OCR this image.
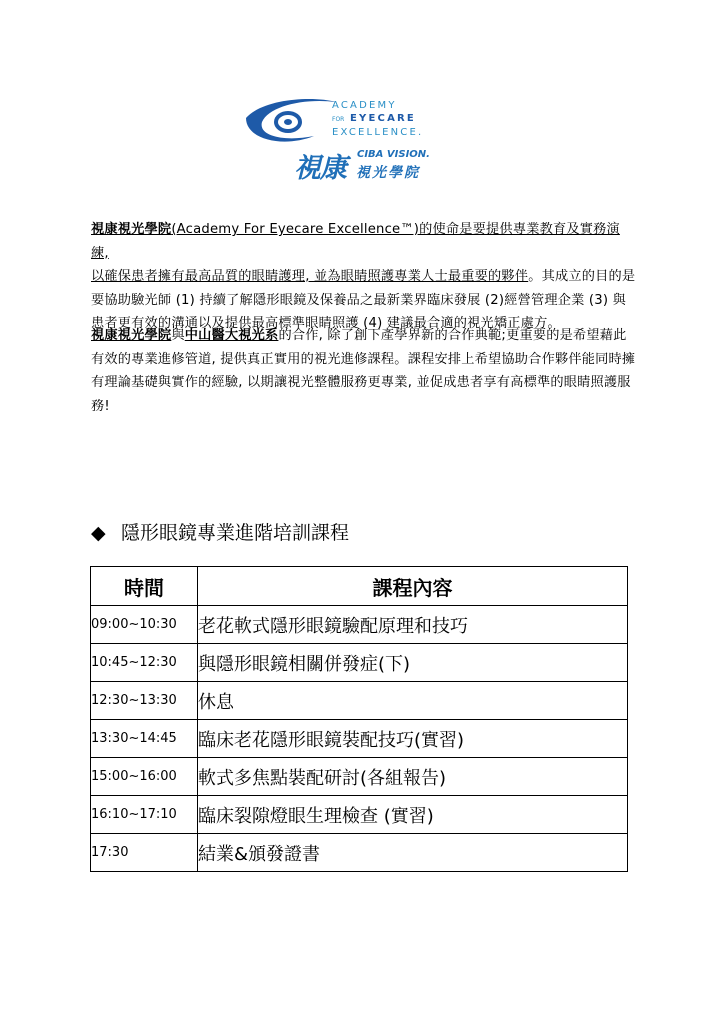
ACADEMY
FOR EYECARE
EXCELLENCE.
視康 CIBA VISION.
視光學院
視康視光學院(Academy For Eyecare Excellence™)的使命是要提供專業教育及實務演練,
以確保患者擁有最高品質的眼睛護理, 並為眼睛照護專業人士最重要的夥伴。其成立的目的是要協助驗光師 (1) 持續了解隱形眼鏡及保養品之最新業界臨床發展 (2)經營管理企業 (3) 與患者更有效的溝通以及提供最高標準眼睛照護 (4) 建議最合適的視光矯正處方。
視康視光學院與中山醫大視光系的合作, 除了創下產學界新的合作典範;更重要的是希望藉此有效的專業進修管道, 提供真正實用的視光進修課程。課程安排上希望協助合作夥伴能同時擁有理論基礎與實作的經驗, 以期讓視光整體服務更專業, 並促成患者享有高標準的眼睛照護服務!
◆ 隱形眼鏡專業進階培訓課程
時間	課程內容
09:00~10:30	老花軟式隱形眼鏡驗配原理和技巧
10:45~12:30	與隱形眼鏡相關併發症(下)
12:30~13:30	休息
13:30~14:45	臨床老花隱形眼鏡裝配技巧(實習)
15:00~16:00	軟式多焦點裝配研討(各組報告)
16:10~17:10	臨床裂隙燈眼生理檢查 (實習)
17:30	結業&頒發證書
